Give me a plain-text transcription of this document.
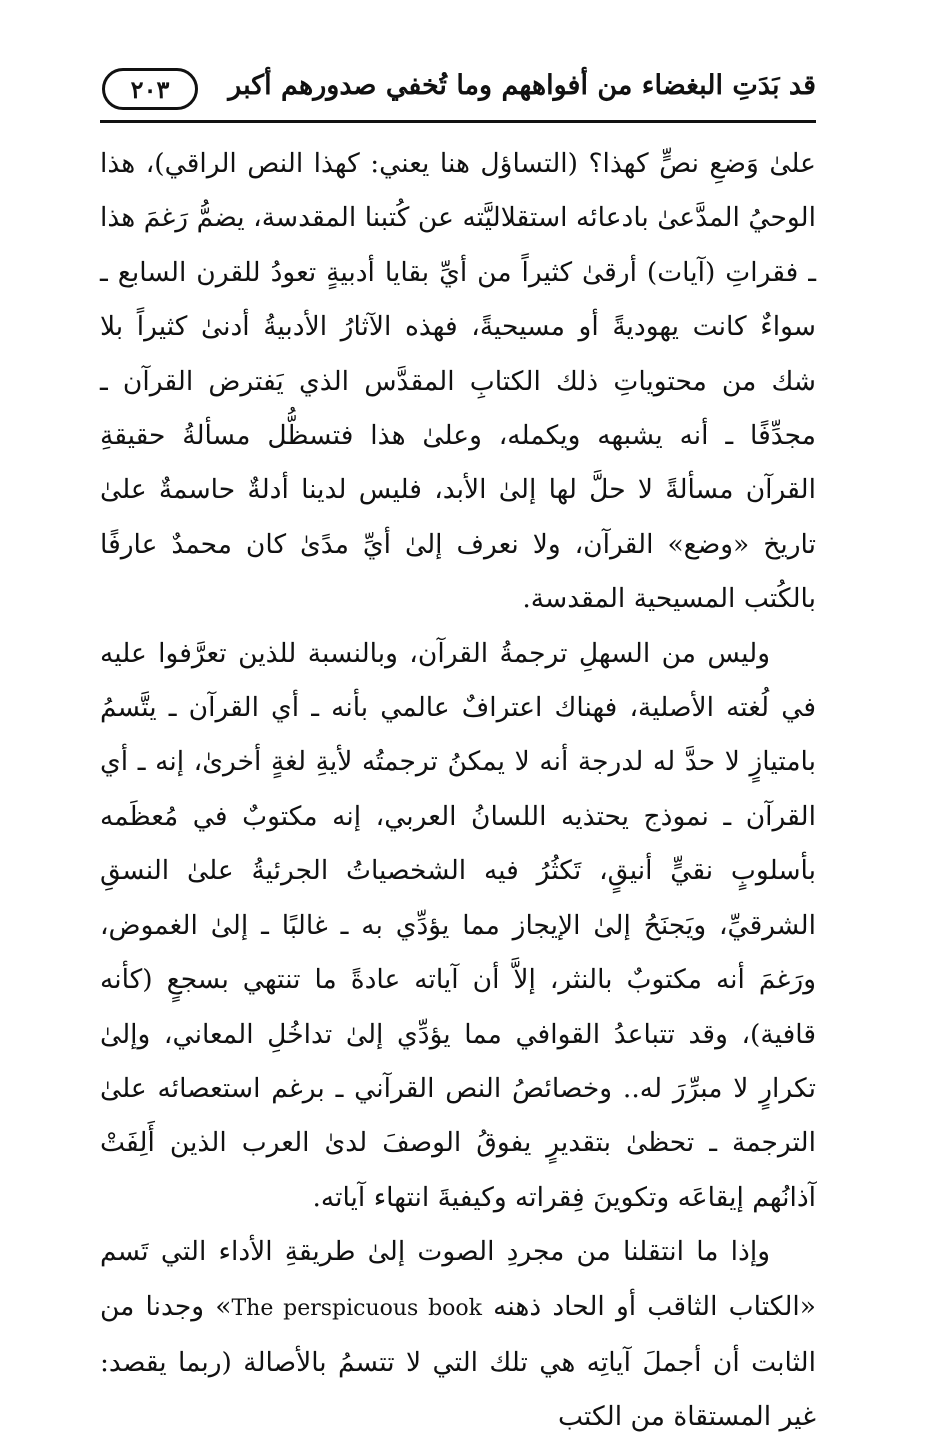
قد بَدَتِ البغضاء من أفواههم وما تُخفي صدورهم أكبر
٢٠٣

علىٰ وَضعِ نصٍّ كهذا؟ (التساؤل هنا يعني: كهذا النص الراقي)، هذا الوحيُ المدَّعىٰ بادعائه استقلاليَّته عن كُتبنا المقدسة، يضمُّ رَغمَ هذا ـ فقراتِ (آيات) أرقىٰ كثيراً من أيِّ بقايا أدبيةٍ تعودُ للقرن السابع ـ سواءٌ كانت يهوديةً أو مسيحيةً، فهذه الآثارُ الأدبيةُ أدنىٰ كثيراً بلا شك من محتوياتِ ذلك الكتابِ المقدَّس الذي يَفترض القرآن ـ مجدِّفًا ـ أنه يشبهه ويكمله، وعلىٰ هذا فتسظُّل مسألةُ حقيقةِ القرآن مسألةً لا حلَّ لها إلىٰ الأبد، فليس لدينا أدلةٌ حاسمةٌ علىٰ تاريخ «وضع» القرآن، ولا نعرف إلىٰ أيِّ مدًىٰ كان محمدٌ عارفًا بالكُتب المسيحية المقدسة.

وليس من السهلِ ترجمةُ القرآن، وبالنسبة للذين تعرَّفوا عليه في لُغته الأصلية، فهناك اعترافٌ عالمي بأنه ـ أي القرآن ـ يتَّسمُ بامتيازٍ لا حدَّ له لدرجة أنه لا يمكنُ ترجمتُه لأيةِ لغةٍ أخرىٰ، إنه ـ أي القرآن ـ نموذج يحتذيه اللسانُ العربي، إنه مكتوبٌ في مُعظَمه بأسلوبٍ نقيٍّ أنيقٍ، تَكثُرُ فيه الشخصياتُ الجرئيةُ علىٰ النسقِ الشرقيِّ، ويَجنَحُ إلىٰ الإيجاز مما يؤدِّي به ـ غالبًا ـ إلىٰ الغموض، ورَغمَ أنه مكتوبٌ بالنثر، إلاَّ أن آياته عادةً ما تنتهي بسجعٍ (كأنه قافية)، وقد تتباعدُ القوافي مما يؤدِّي إلىٰ تداخُلِ المعاني، وإلىٰ تكرارٍ لا مبرِّرَ له.. وخصائصُ النص القرآني ـ برغم استعصائه علىٰ الترجمة ـ تحظىٰ بتقديرٍ يفوقُ الوصفَ لدىٰ العرب الذين أَلِفَتْ آذانُهم إيقاعَه وتكوينَ فِقراته وكيفيةَ انتهاء آياته.

وإذا ما انتقلنا من مجردِ الصوت إلىٰ طريقةِ الأداء التي تَسم «الكتاب الثاقب أو الحاد ذهنه The perspicuous book» وجدنا من الثابت أن أجملَ آياتِه هي تلك التي لا تتسمُ بالأصالة (ربما يقصد: غير المستقاة من الكتب
